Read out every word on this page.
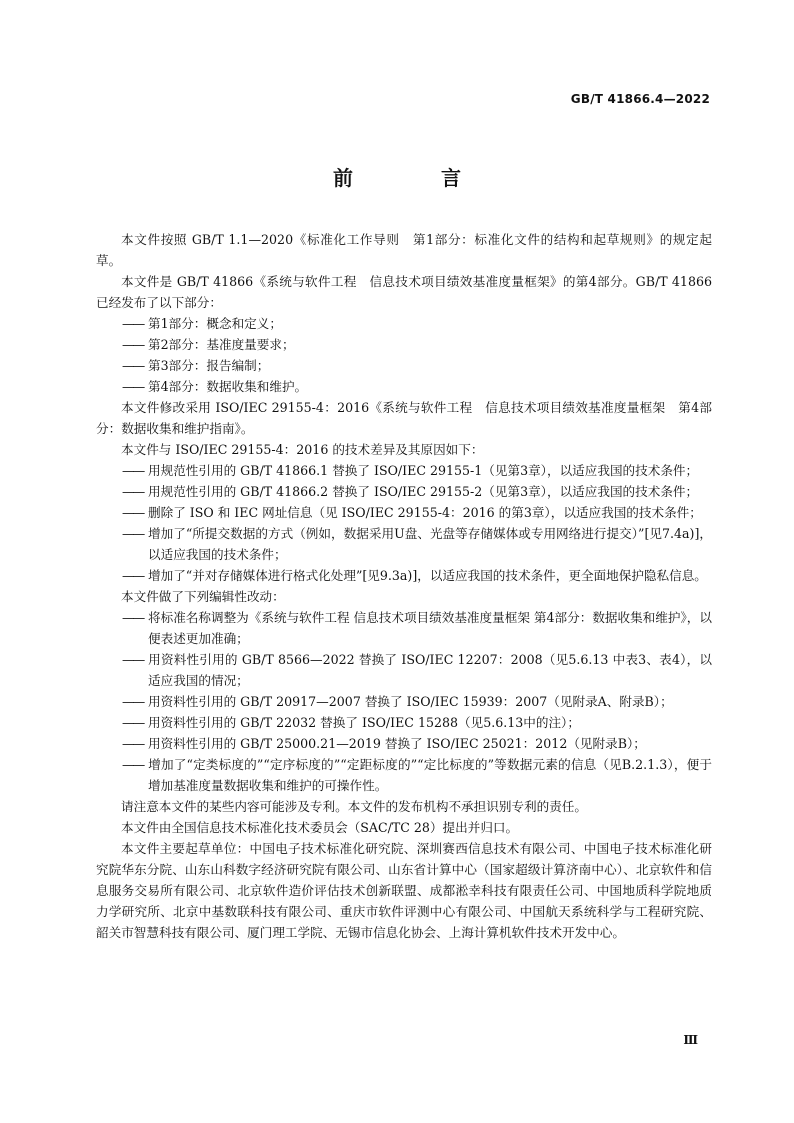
GB/T 41866.4—2022
前　言

本文件按照 GB/T 1.1—2020《标准化工作导则　第1部分：标准化文件的结构和起草规则》的规定起草。

本文件是 GB/T 41866《系统与软件工程　信息技术项目绩效基准度量框架》的第4部分。GB/T 41866已经发布了以下部分：

—— 第1部分：概念和定义；

—— 第2部分：基准度量要求；

—— 第3部分：报告编制；

—— 第4部分：数据收集和维护。

本文件修改采用 ISO/IEC 29155-4：2016《系统与软件工程　信息技术项目绩效基准度量框架　第4部分：数据收集和维护指南》。

本文件与 ISO/IEC 29155-4：2016 的技术差异及其原因如下：

—— 用规范性引用的 GB/T 41866.1 替换了 ISO/IEC 29155-1（见第3章），以适应我国的技术条件；

—— 用规范性引用的 GB/T 41866.2 替换了 ISO/IEC 29155-2（见第3章），以适应我国的技术条件；

—— 删除了 ISO 和 IEC 网址信息（见 ISO/IEC 29155-4：2016 的第3章），以适应我国的技术条件；

—— 增加了“所提交数据的方式（例如，数据采用U盘、光盘等存储媒体或专用网络进行提交）”[见7.4a)]，以适应我国的技术条件；

—— 增加了“并对存储媒体进行格式化处理”[见9.3a)]，以适应我国的技术条件，更全面地保护隐私信息。

本文件做了下列编辑性改动：

—— 将标准名称调整为《系统与软件工程 信息技术项目绩效基准度量框架 第4部分：数据收集和维护》，以便表述更加准确；

—— 用资料性引用的 GB/T 8566—2022 替换了 ISO/IEC 12207：2008（见5.6.13 中表3、表4），以适应我国的情况；

—— 用资料性引用的 GB/T 20917—2007 替换了 ISO/IEC 15939：2007（见附录A、附录B）；

—— 用资料性引用的 GB/T 22032 替换了 ISO/IEC 15288（见5.6.13中的注）；

—— 用资料性引用的 GB/T 25000.21—2019 替换了 ISO/IEC 25021：2012（见附录B）；

—— 增加了“定类标度的”“定序标度的”“定距标度的”“定比标度的”等数据元素的信息（见B.2.1.3），便于增加基准度量数据收集和维护的可操作性。

请注意本文件的某些内容可能涉及专利。本文件的发布机构不承担识别专利的责任。

本文件由全国信息技术标准化技术委员会（SAC/TC 28）提出并归口。

本文件主要起草单位：中国电子技术标准化研究院、深圳赛西信息技术有限公司、中国电子技术标准化研究院华东分院、山东山科数字经济研究院有限公司、山东省计算中心（国家超级计算济南中心）、北京软件和信息服务交易所有限公司、北京软件造价评估技术创新联盟、成都淞幸科技有限责任公司、中国地质科学院地质力学研究所、北京中基数联科技有限公司、重庆市软件评测中心有限公司、中国航天系统科学与工程研究院、韶关市智慧科技有限公司、厦门理工学院、无锡市信息化协会、上海计算机软件技术开发中心。

Ⅲ
